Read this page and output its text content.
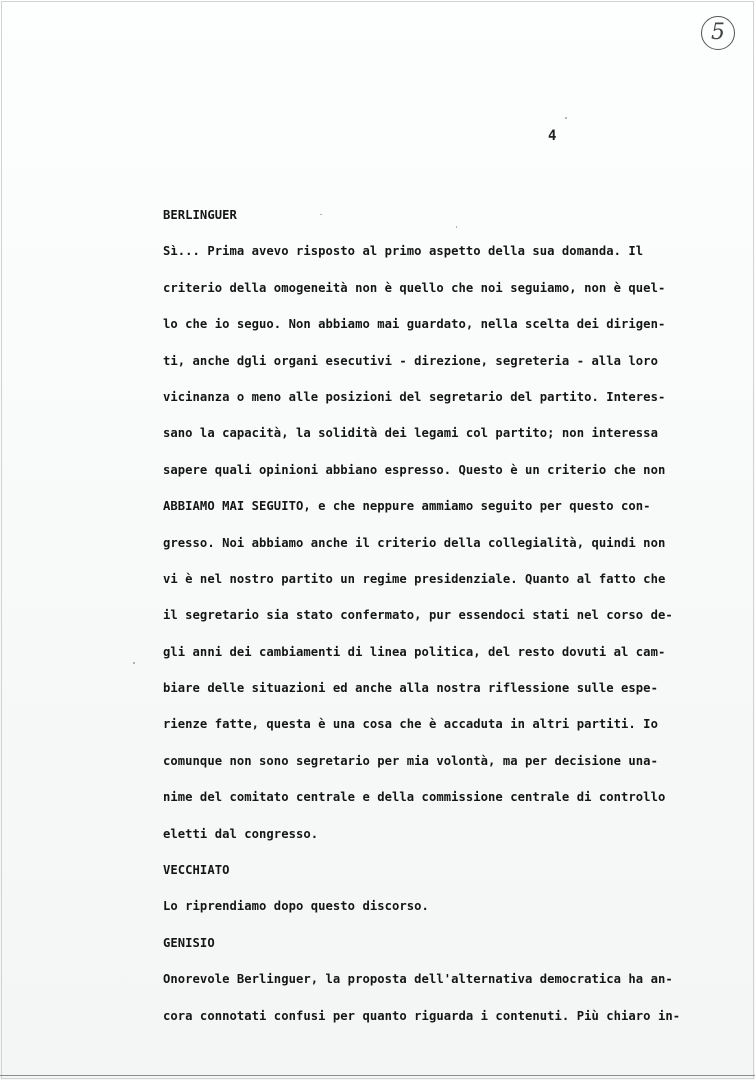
5
4
BERLINGUER
Sì... Prima avevo risposto al primo aspetto della sua domanda. Il
criterio della omogeneità non è quello che noi seguiamo, non è quel-
lo che io seguo. Non abbiamo mai guardato, nella scelta dei dirigen-
ti, anche dgli organi esecutivi - direzione, segreteria - alla loro
vicinanza o meno alle posizioni del segretario del partito. Interes-
sano la capacità, la solidità dei legami col partito; non interessa
sapere quali opinioni abbiano espresso. Questo è un criterio che non
ABBIAMO MAI SEGUITO, e che neppure ammiamo seguito per questo con-
gresso. Noi abbiamo anche il criterio della collegialità, quindi non
vi è nel nostro partito un regime presidenziale. Quanto al fatto che
il segretario sia stato confermato, pur essendoci stati nel corso de-
gli anni dei cambiamenti di linea politica, del resto dovuti al cam-
biare delle situazioni ed anche alla nostra riflessione sulle espe-
rienze fatte, questa è una cosa che è accaduta in altri partiti. Io
comunque non sono segretario per mia volontà, ma per decisione una-
nime del comitato centrale e della commissione centrale di controllo
eletti dal congresso.
VECCHIATO
Lo riprendiamo dopo questo discorso.
GENISIO
Onorevole Berlinguer, la proposta dell'alternativa democratica ha an-
cora connotati confusi per quanto riguarda i contenuti. Più chiaro in-
